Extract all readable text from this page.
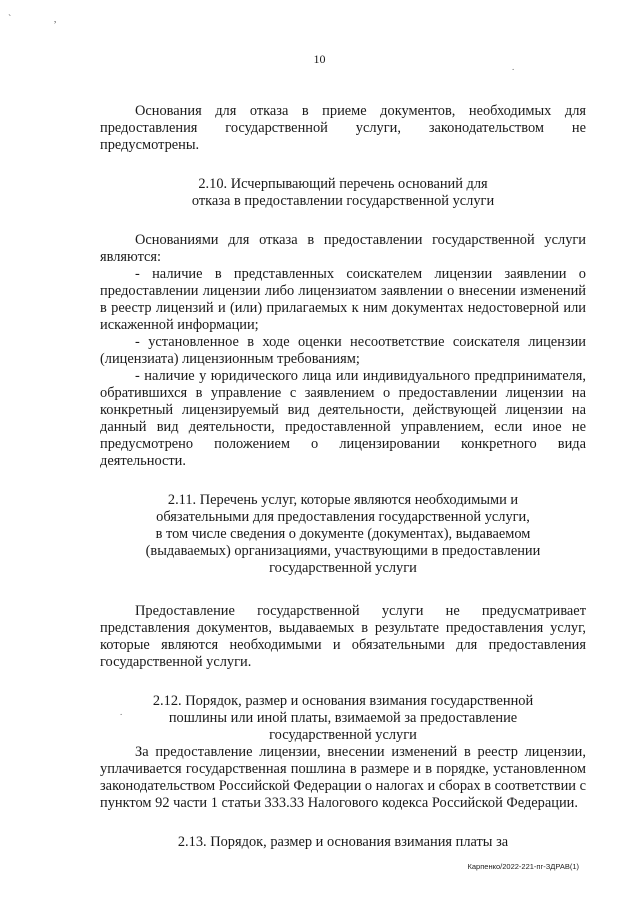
` ,
.
.
10

Основания для отказа в приеме документов, необходимых для предоставления государственной услуги, законодательством не предусмотрены.

2.10. Исчерпывающий перечень оснований для
отказа в предоставлении государственной услуги

Основаниями для отказа в предоставлении государственной услуги являются:

- наличие в представленных соискателем лицензии заявлении о предоставлении лицензии либо лицензиатом заявлении о внесении изменений в реестр лицензий и (или) прилагаемых к ним документах недостоверной или искаженной информации;

- установленное в ходе оценки несоответствие соискателя лицензии (лицензиата) лицензионным требованиям;

- наличие у юридического лица или индивидуального предпринимателя, обратившихся в управление с заявлением о предоставлении лицензии на конкретный лицензируемый вид деятельности, действующей лицензии на данный вид деятельности, предоставленной управлением, если иное не предусмотрено положением о лицензировании конкретного вида деятельности.

2.11. Перечень услуг, которые являются необходимыми и
обязательными для предоставления государственной услуги,
в том числе сведения о документе (документах), выдаваемом
(выдаваемых) организациями, участвующими в предоставлении
государственной услуги

Предоставление государственной услуги не предусматривает представления документов, выдаваемых в результате предоставления услуг, которые являются необходимыми и обязательными для предоставления государственной услуги.

2.12. Порядок, размер и основания взимания государственной
пошлины или иной платы, взимаемой за предоставление
государственной услуги

За предоставление лицензии, внесении изменений в реестр лицензии, уплачивается государственная пошлина в размере и в порядке, установленном законодательством Российской Федерации о налогах и сборах в соответствии с пунктом 92 части 1 статьи 333.33 Налогового кодекса Российской Федерации.

2.13. Порядок, размер и основания взимания платы за

Карпенко/2022-221-пг-ЗДРАВ(1)
